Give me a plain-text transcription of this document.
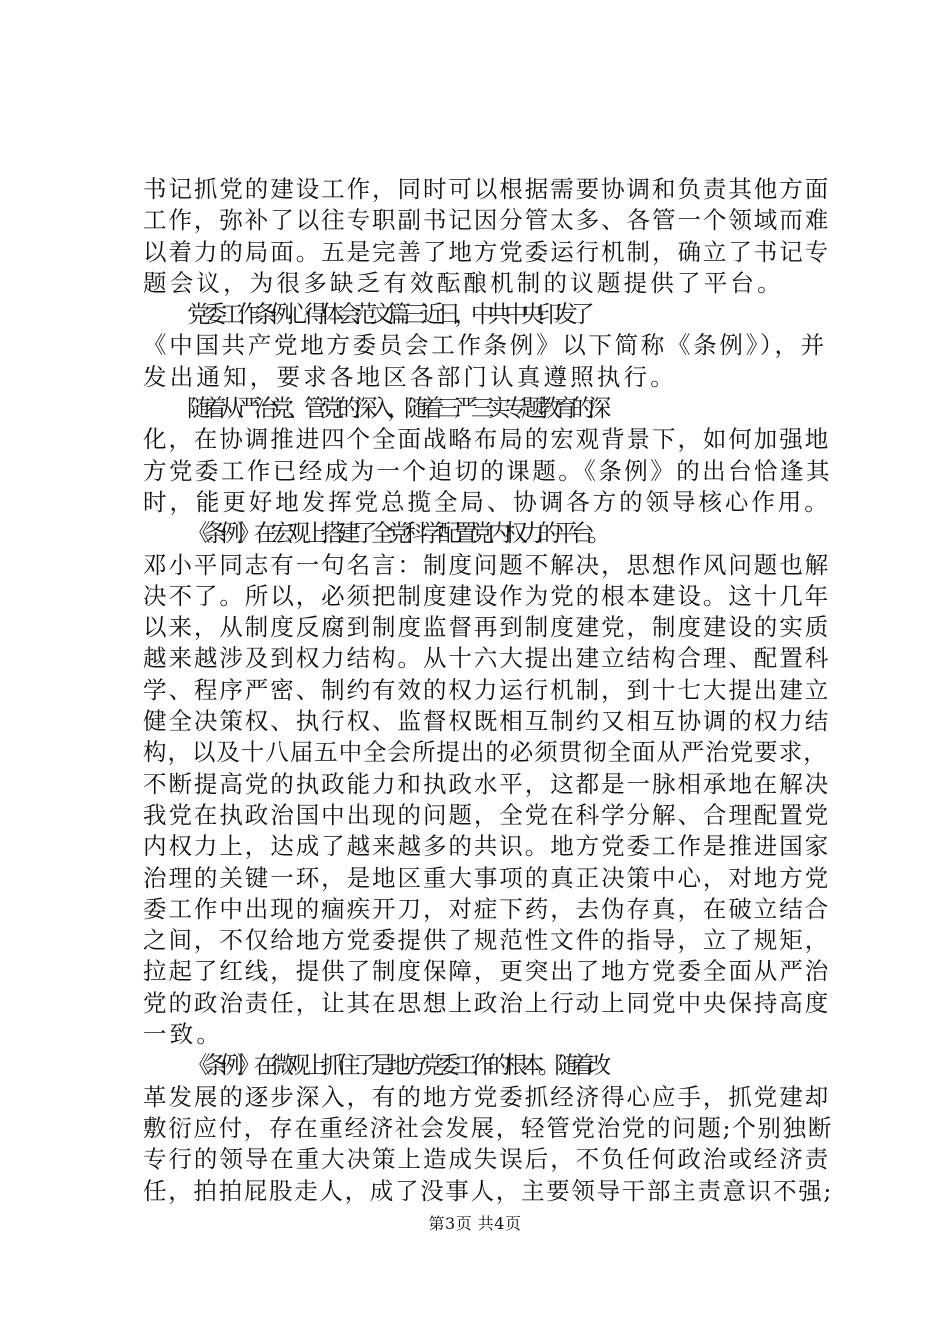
书记抓党的建设工作，同时可以根据需要协调和负责其他方面
工作，弥补了以往专职副书记因分管太多、各管一个领域而难
以着力的局面。五是完善了地方党委运行机制，确立了书记专
题会议，为很多缺乏有效酝酿机制的议题提供了平台。
党委工作条例心得体会范文篇三近日，中共中央印发了
《中国共产党地方委员会工作条例》以下简称《条例》），并
发出通知，要求各地区各部门认真遵照执行。
随着从严治党、管党的深入，随着三严三实专题教育的深
化，在协调推进四个全面战略布局的宏观背景下，如何加强地
方党委工作已经成为一个迫切的课题。《条例》的出台恰逢其
时，能更好地发挥党总揽全局、协调各方的领导核心作用。
《条例》在宏观上搭建了全党科学配置党内权力的平台。
邓小平同志有一句名言：制度问题不解决，思想作风问题也解
决不了。所以，必须把制度建设作为党的根本建设。这十几年
以来，从制度反腐到制度监督再到制度建党，制度建设的实质
越来越涉及到权力结构。从十六大提出建立结构合理、配置科
学、程序严密、制约有效的权力运行机制，到十七大提出建立
健全决策权、执行权、监督权既相互制约又相互协调的权力结
构，以及十八届五中全会所提出的必须贯彻全面从严治党要求，
不断提高党的执政能力和执政水平，这都是一脉相承地在解决
我党在执政治国中出现的问题，全党在科学分解、合理配置党
内权力上，达成了越来越多的共识。地方党委工作是推进国家
治理的关键一环，是地区重大事项的真正决策中心，对地方党
委工作中出现的痼疾开刀，对症下药，去伪存真，在破立结合
之间，不仅给地方党委提供了规范性文件的指导，立了规矩，
拉起了红线，提供了制度保障，更突出了地方党委全面从严治
党的政治责任，让其在思想上政治上行动上同党中央保持高度
一致。
《条例》在微观上抓住了是地方党委工作的根本。随着改
革发展的逐步深入，有的地方党委抓经济得心应手，抓党建却
敷衍应付，存在重经济社会发展，轻管党治党的问题;个别独断
专行的领导在重大决策上造成失误后，不负任何政治或经济责
任，拍拍屁股走人，成了没事人，主要领导干部主责意识不强;
第3页 共4页
